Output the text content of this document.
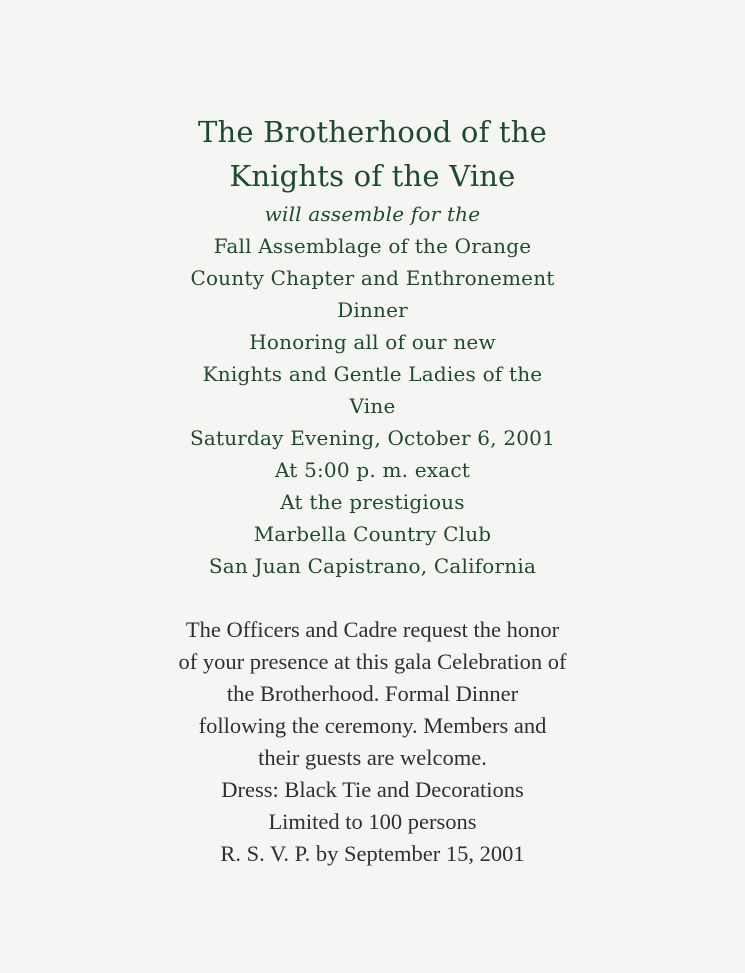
The Brotherhood of the
Knights of the Vine
will assemble for the
Fall Assemblage of the Orange
County Chapter and Enthronement
Dinner
Honoring all of our new
Knights and Gentle Ladies of the
Vine
Saturday Evening, October 6, 2001
At 5:00 p. m. exact
At the prestigious
Marbella Country Club
San Juan Capistrano, California
The Officers and Cadre request the honor
of your presence at this gala Celebration of
the Brotherhood. Formal Dinner
following the ceremony. Members and
their guests are welcome.
Dress: Black Tie and Decorations
Limited to 100 persons
R. S. V. P. by September 15, 2001
